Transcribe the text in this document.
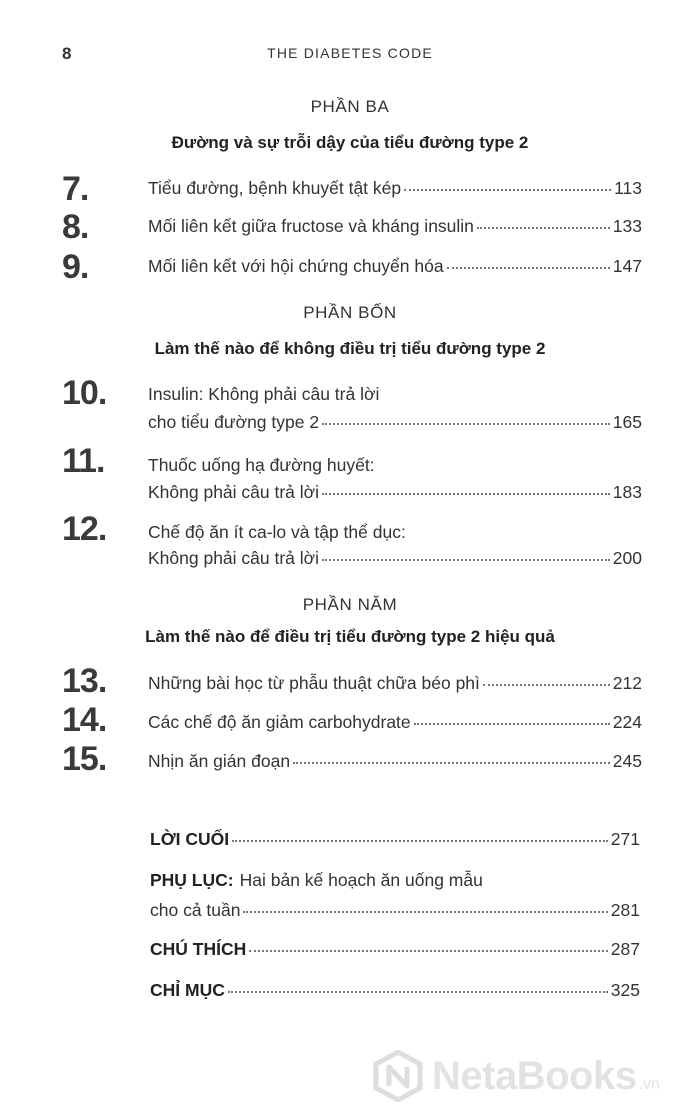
8	THE DIABETES CODE
PHẦN BA
Đường và sự trỗi dậy của tiểu đường type 2
7.	Tiểu đường, bệnh khuyết tật kép	113
8.	Mối liên kết giữa fructose và kháng insulin	133
9.	Mối liên kết với hội chứng chuyển hóa	147
PHẦN BỐN
Làm thế nào để không điều trị tiểu đường type 2
10. Insulin: Không phải câu trả lời
cho tiểu đường type 2	165
11. Thuốc uống hạ đường huyết:
Không phải câu trả lời	183
12. Chế độ ăn ít ca-lo và tập thể dục:
Không phải câu trả lời	200
PHẦN NĂM
Làm thế nào để điều trị tiểu đường type 2 hiệu quả
13. Những bài học từ phẫu thuật chữa béo phì	212
14. Các chế độ ăn giảm carbohydrate	224
15. Nhịn ăn gián đoạn	245
LỜI CUỐI	271
PHỤ LỤC: Hai bản kế hoạch ăn uống mẫu
cho cả tuần	281
CHÚ THÍCH	287
CHỈ MỤC	325
NetaBooks .vn
